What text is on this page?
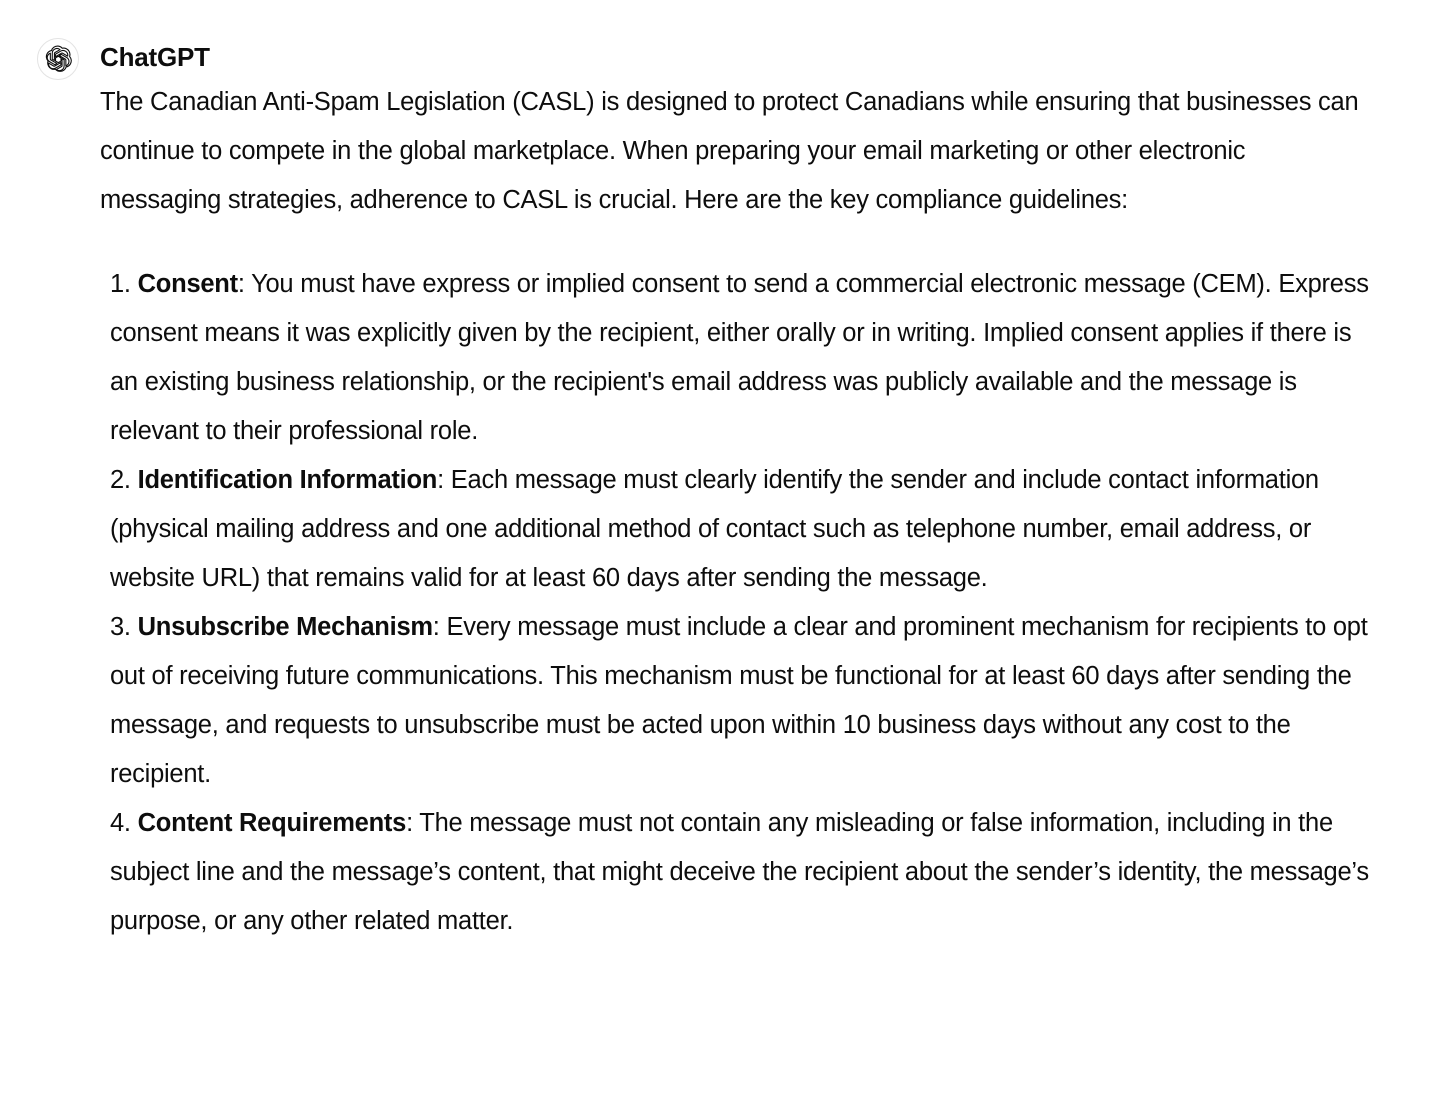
ChatGPT

The Canadian Anti-Spam Legislation (CASL) is designed to protect Canadians while ensuring that businesses can continue to compete in the global marketplace. When preparing your email marketing or other electronic messaging strategies, adherence to CASL is crucial. Here are the key compliance guidelines:

1. Consent: You must have express or implied consent to send a commercial electronic message (CEM). Express consent means it was explicitly given by the recipient, either orally or in writing. Implied consent applies if there is an existing business relationship, or the recipient's email address was publicly available and the message is relevant to their professional role.
2. Identification Information: Each message must clearly identify the sender and include contact information (physical mailing address and one additional method of contact such as telephone number, email address, or website URL) that remains valid for at least 60 days after sending the message.
3. Unsubscribe Mechanism: Every message must include a clear and prominent mechanism for recipients to opt out of receiving future communications. This mechanism must be functional for at least 60 days after sending the message, and requests to unsubscribe must be acted upon within 10 business days without any cost to the recipient.
4. Content Requirements: The message must not contain any misleading or false information, including in the subject line and the message’s content, that might deceive the recipient about the sender’s identity, the message’s purpose, or any other related matter.
